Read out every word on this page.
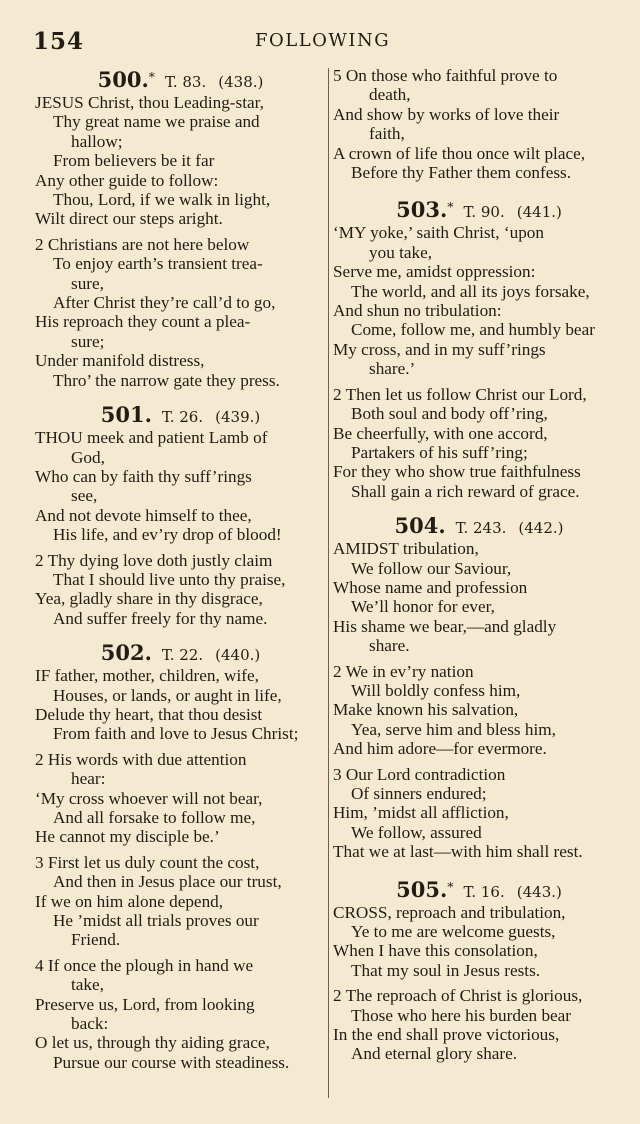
154	FOLLOWING
500.* T. 83. (438.)
JESUS Christ, thou Leading-star,
Thy great name we praise and
hallow;
From believers be it far
Any other guide to follow:
Thou, Lord, if we walk in light,
Wilt direct our steps aright.
2 Christians are not here below
To enjoy earth’s transient trea-
sure,
After Christ they’re call’d to go,
His reproach they count a plea-
sure;
Under manifold distress,
Thro’ the narrow gate they press.
501. T. 26. (439.)
THOU meek and patient Lamb of
God,
Who can by faith thy suff’rings
see,
And not devote himself to thee,
His life, and ev’ry drop of blood!
2 Thy dying love doth justly claim
That I should live unto thy praise,
Yea, gladly share in thy disgrace,
And suffer freely for thy name.
502. T. 22. (440.)
IF father, mother, children, wife,
Houses, or lands, or aught in life,
Delude thy heart, that thou desist
From faith and love to Jesus Christ;
2 His words with due attention
hear:
‘My cross whoever will not bear,
And all forsake to follow me,
He cannot my disciple be.’
3 First let us duly count the cost,
And then in Jesus place our trust,
If we on him alone depend,
He ’midst all trials proves our
Friend.
4 If once the plough in hand we
take,
Preserve us, Lord, from looking
back:
O let us, through thy aiding grace,
Pursue our course with steadiness.
5 On those who faithful prove to
death,
And show by works of love their
faith,
A crown of life thou once wilt place,
Before thy Father them confess.
503.* T. 90. (441.)
‘MY yoke,’ saith Christ, ‘upon
you take,
Serve me, amidst oppression:
The world, and all its joys forsake,
And shun no tribulation:
Come, follow me, and humbly bear
My cross, and in my suff’rings
share.’
2 Then let us follow Christ our Lord,
Both soul and body off’ring,
Be cheerfully, with one accord,
Partakers of his suff’ring;
For they who show true faithfulness
Shall gain a rich reward of grace.
504. T. 243. (442.)
AMIDST tribulation,
We follow our Saviour,
Whose name and profession
We’ll honor for ever,
His shame we bear,—and gladly
share.
2 We in ev’ry nation
Will boldly confess him,
Make known his salvation,
Yea, serve him and bless him,
And him adore—for evermore.
3 Our Lord contradiction
Of sinners endured;
Him, ’midst all affliction,
We follow, assured
That we at last—with him shall rest.
505.* T. 16. (443.)
CROSS, reproach and tribulation,
Ye to me are welcome guests,
When I have this consolation,
That my soul in Jesus rests.
2 The reproach of Christ is glorious,
Those who here his burden bear
In the end shall prove victorious,
And eternal glory share.
